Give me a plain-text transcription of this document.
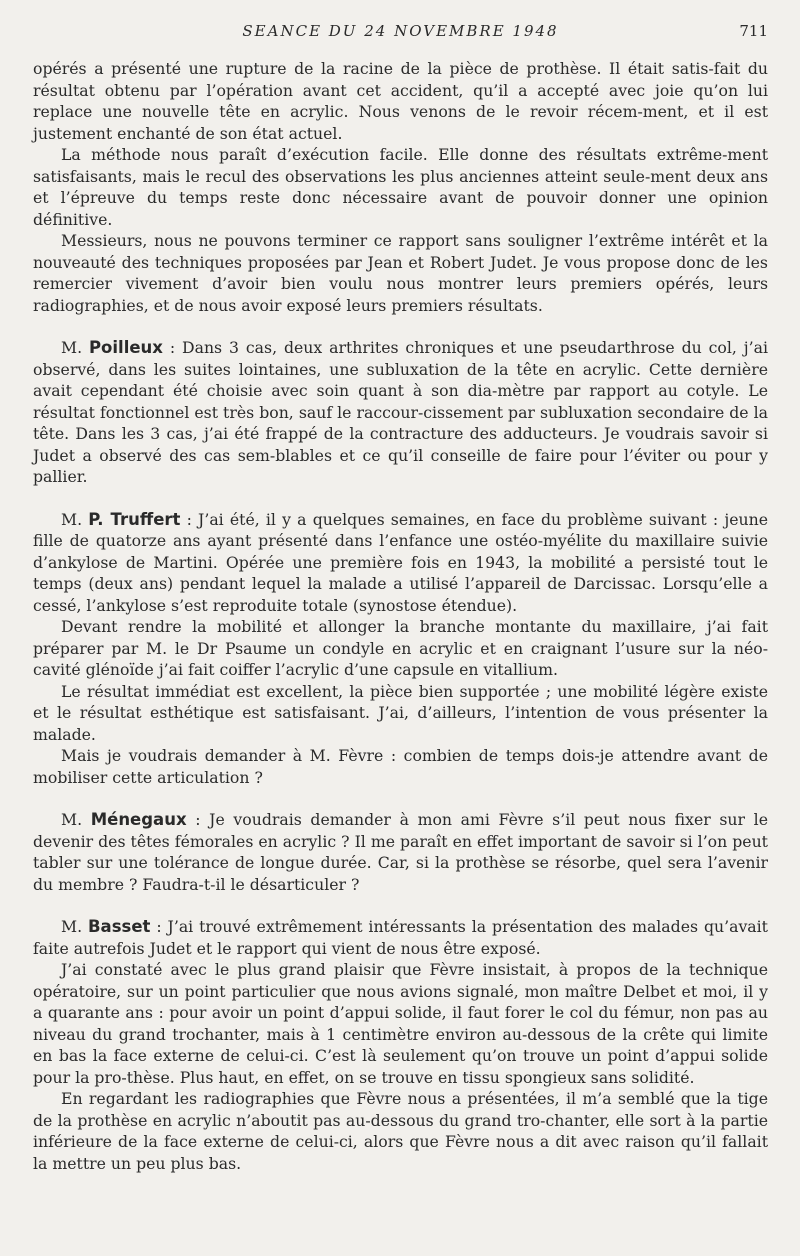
SEANCE DU 24 NOVEMBRE 1948	711

opérés a présenté une rupture de la racine de la pièce de prothèse. Il était satis-fait du résultat obtenu par l’opération avant cet accident, qu’il a accepté avec joie qu’on lui replace une nouvelle tête en acrylic. Nous venons de le revoir récem-ment, et il est justement enchanté de son état actuel.

La méthode nous paraît d’exécution facile. Elle donne des résultats extrême-ment satisfaisants, mais le recul des observations les plus anciennes atteint seule-ment deux ans et l’épreuve du temps reste donc nécessaire avant de pouvoir donner une opinion définitive.

Messieurs, nous ne pouvons terminer ce rapport sans souligner l’extrême intérêt et la nouveauté des techniques proposées par Jean et Robert Judet. Je vous propose donc de les remercier vivement d’avoir bien voulu nous montrer leurs premiers opérés, leurs radiographies, et de nous avoir exposé leurs premiers résultats.

M. Poilleux : Dans 3 cas, deux arthrites chroniques et une pseudarthrose du col, j’ai observé, dans les suites lointaines, une subluxation de la tête en acrylic. Cette dernière avait cependant été choisie avec soin quant à son dia-mètre par rapport au cotyle. Le résultat fonctionnel est très bon, sauf le raccour-cissement par subluxation secondaire de la tête. Dans les 3 cas, j’ai été frappé de la contracture des adducteurs. Je voudrais savoir si Judet a observé des cas sem-blables et ce qu’il conseille de faire pour l’éviter ou pour y pallier.

M. P. Truffert : J’ai été, il y a quelques semaines, en face du problème suivant : jeune fille de quatorze ans ayant présenté dans l’enfance une ostéo-myélite du maxillaire suivie d’ankylose de Martini. Opérée une première fois en 1943, la mobilité a persisté tout le temps (deux ans) pendant lequel la malade a utilisé l’appareil de Darcissac. Lorsqu’elle a cessé, l’ankylose s’est reproduite totale (synostose étendue).

Devant rendre la mobilité et allonger la branche montante du maxillaire, j’ai fait préparer par M. le Dr Psaume un condyle en acrylic et en craignant l’usure sur la néo-cavité glénoïde j’ai fait coiffer l’acrylic d’une capsule en vitallium.

Le résultat immédiat est excellent, la pièce bien supportée ; une mobilité légère existe et le résultat esthétique est satisfaisant. J’ai, d’ailleurs, l’intention de vous présenter la malade.

Mais je voudrais demander à M. Fèvre : combien de temps dois-je attendre avant de mobiliser cette articulation ?

M. Ménegaux : Je voudrais demander à mon ami Fèvre s’il peut nous fixer sur le devenir des têtes fémorales en acrylic ? Il me paraît en effet important de savoir si l’on peut tabler sur une tolérance de longue durée. Car, si la prothèse se résorbe, quel sera l’avenir du membre ? Faudra-t-il le désarticuler ?

M. Basset : J’ai trouvé extrêmement intéressants la présentation des malades qu’avait faite autrefois Judet et le rapport qui vient de nous être exposé.

J’ai constaté avec le plus grand plaisir que Fèvre insistait, à propos de la technique opératoire, sur un point particulier que nous avions signalé, mon maître Delbet et moi, il y a quarante ans : pour avoir un point d’appui solide, il faut forer le col du fémur, non pas au niveau du grand trochanter, mais à 1 centimètre environ au-dessous de la crête qui limite en bas la face externe de celui-ci. C’est là seulement qu’on trouve un point d’appui solide pour la pro-thèse. Plus haut, en effet, on se trouve en tissu spongieux sans solidité.

En regardant les radiographies que Fèvre nous a présentées, il m’a semblé que la tige de la prothèse en acrylic n’aboutit pas au-dessous du grand tro-chanter, elle sort à la partie inférieure de la face externe de celui-ci, alors que Fèvre nous a dit avec raison qu’il fallait la mettre un peu plus bas.
